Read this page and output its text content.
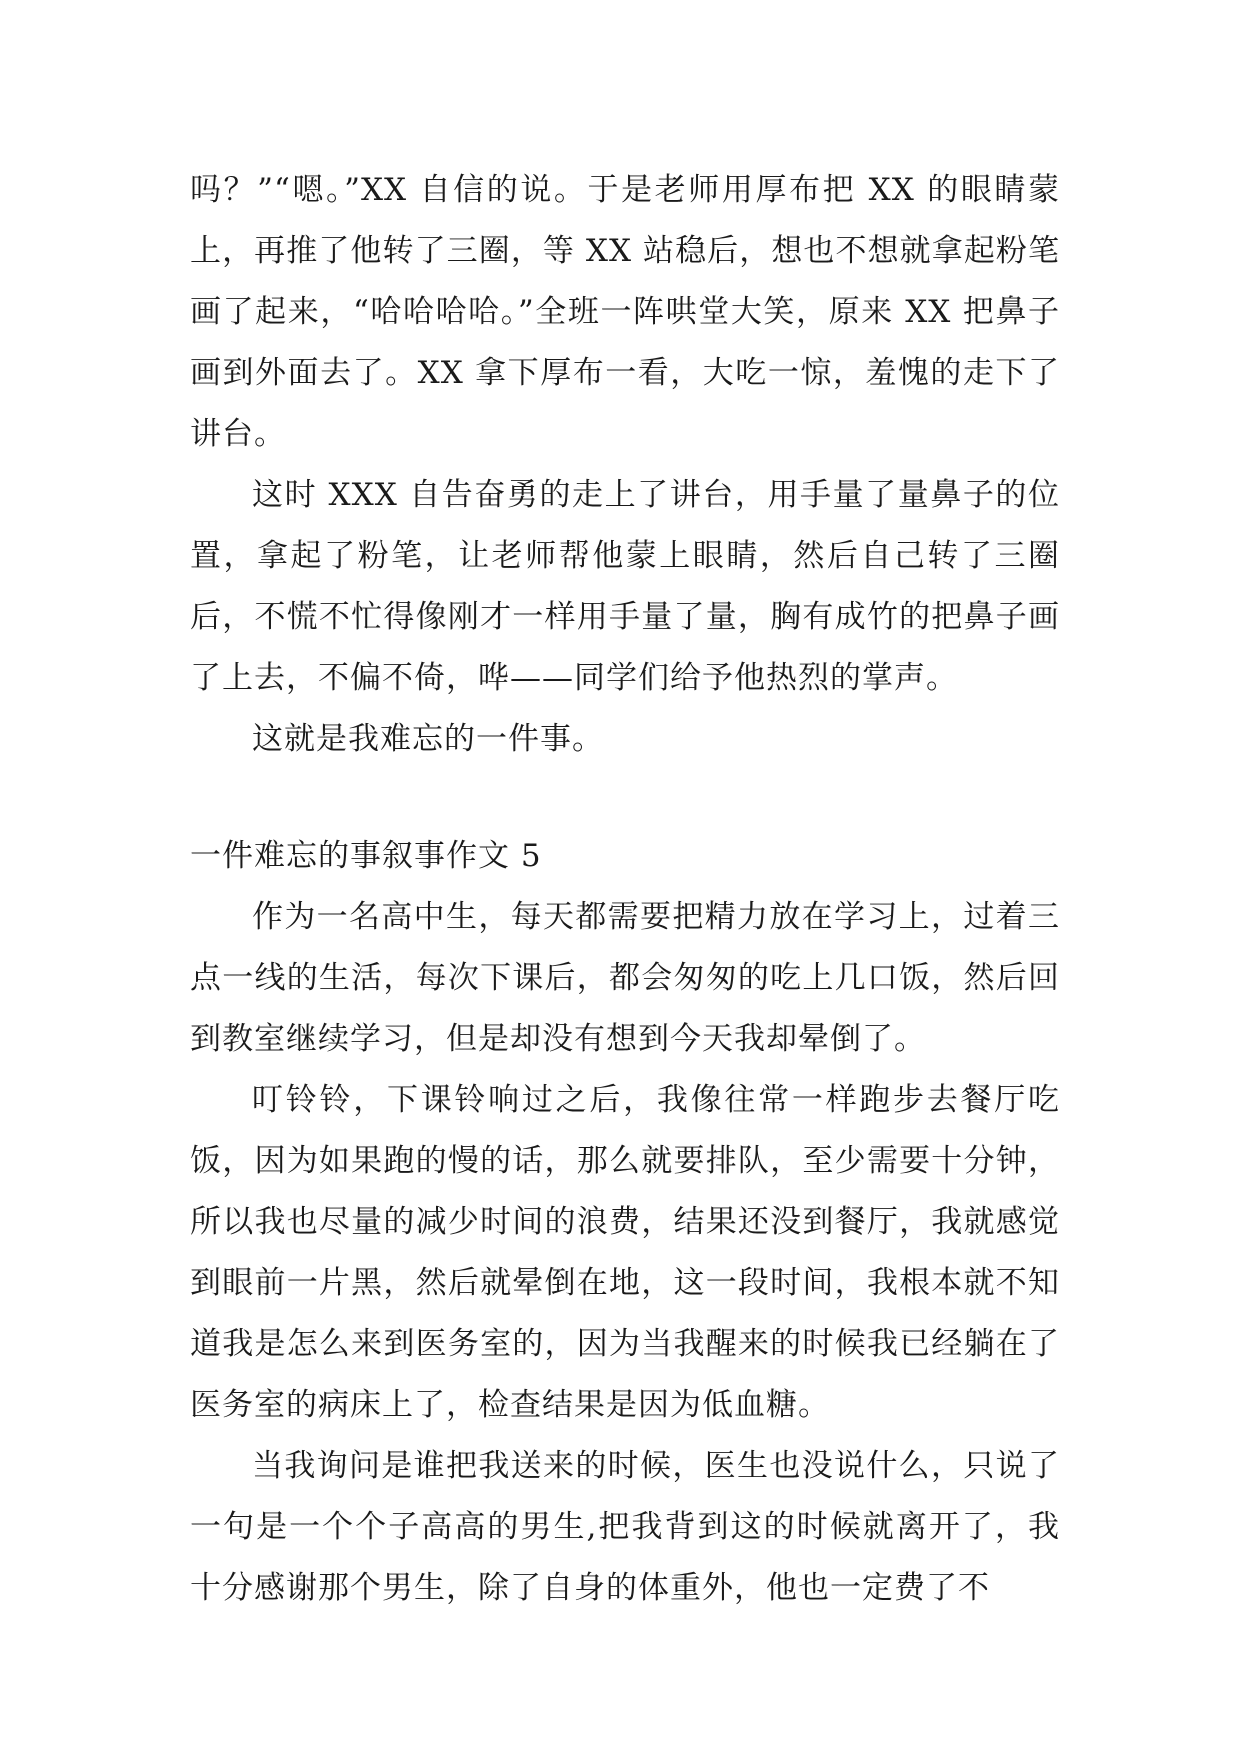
吗？”“嗯。”XX 自信的说。于是老师用厚布把 XX 的眼睛蒙上，再推了他转了三圈，等 XX 站稳后，想也不想就拿起粉笔画了起来，“哈哈哈哈。”全班一阵哄堂大笑，原来 XX 把鼻子画到外面去了。XX 拿下厚布一看，大吃一惊，羞愧的走下了讲台。

这时 XXX 自告奋勇的走上了讲台，用手量了量鼻子的位置，拿起了粉笔，让老师帮他蒙上眼睛，然后自己转了三圈后，不慌不忙得像刚才一样用手量了量，胸有成竹的把鼻子画了上去，不偏不倚，哗——同学们给予他热烈的掌声。

这就是我难忘的一件事。

一件难忘的事叙事作文 5

作为一名高中生，每天都需要把精力放在学习上，过着三点一线的生活，每次下课后，都会匆匆的吃上几口饭，然后回到教室继续学习，但是却没有想到今天我却晕倒了。

叮铃铃，下课铃响过之后，我像往常一样跑步去餐厅吃饭，因为如果跑的慢的话，那么就要排队，至少需要十分钟，所以我也尽量的减少时间的浪费，结果还没到餐厅，我就感觉到眼前一片黑，然后就晕倒在地，这一段时间，我根本就不知道我是怎么来到医务室的，因为当我醒来的时候我已经躺在了医务室的病床上了，检查结果是因为低血糖。

当我询问是谁把我送来的时候，医生也没说什么，只说了一句是一个个子高高的男生,把我背到这的时候就离开了，我十分感谢那个男生，除了自身的体重外，他也一定费了不
